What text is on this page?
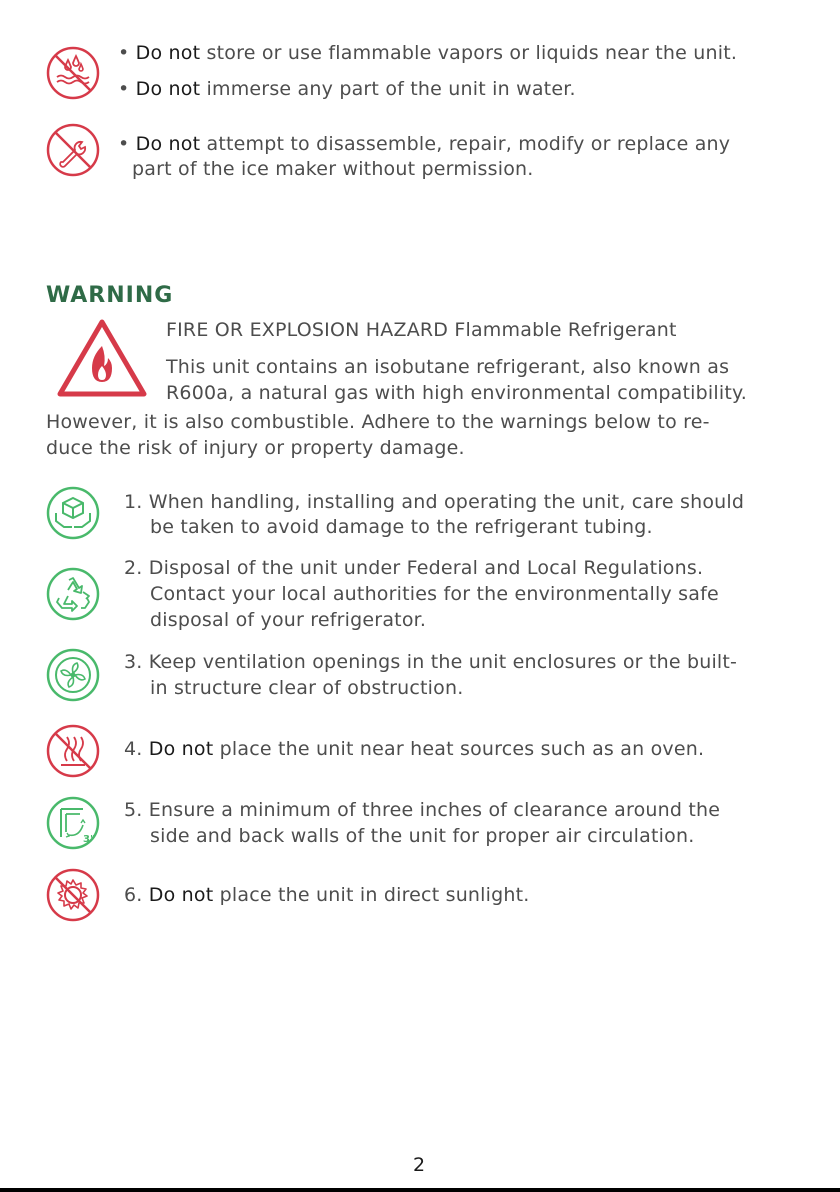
• Do not store or use flammable vapors or liquids near the unit.
• Do not immerse any part of the unit in water.
• Do not attempt to disassemble, repair, modify or replace any
part of the ice maker without permission.
WARNING
FIRE OR EXPLOSION HAZARD Flammable Refrigerant
This unit contains an isobutane refrigerant, also known as
R600a, a natural gas with high environmental compatibility.
However, it is also combustible. Adhere to the warnings below to re-
duce the risk of injury or property damage.
1. When handling, installing and operating the unit, care should
be taken to avoid damage to the refrigerant tubing.
2. Disposal of the unit under Federal and Local Regulations.
Contact your local authorities for the environmentally safe
disposal of your refrigerator.
3. Keep ventilation openings in the unit enclosures or the built-
in structure clear of obstruction.
4. Do not place the unit near heat sources such as an oven.
3"
5. Ensure a minimum of three inches of clearance around the
side and back walls of the unit for proper air circulation.
6. Do not place the unit in direct sunlight.
2
